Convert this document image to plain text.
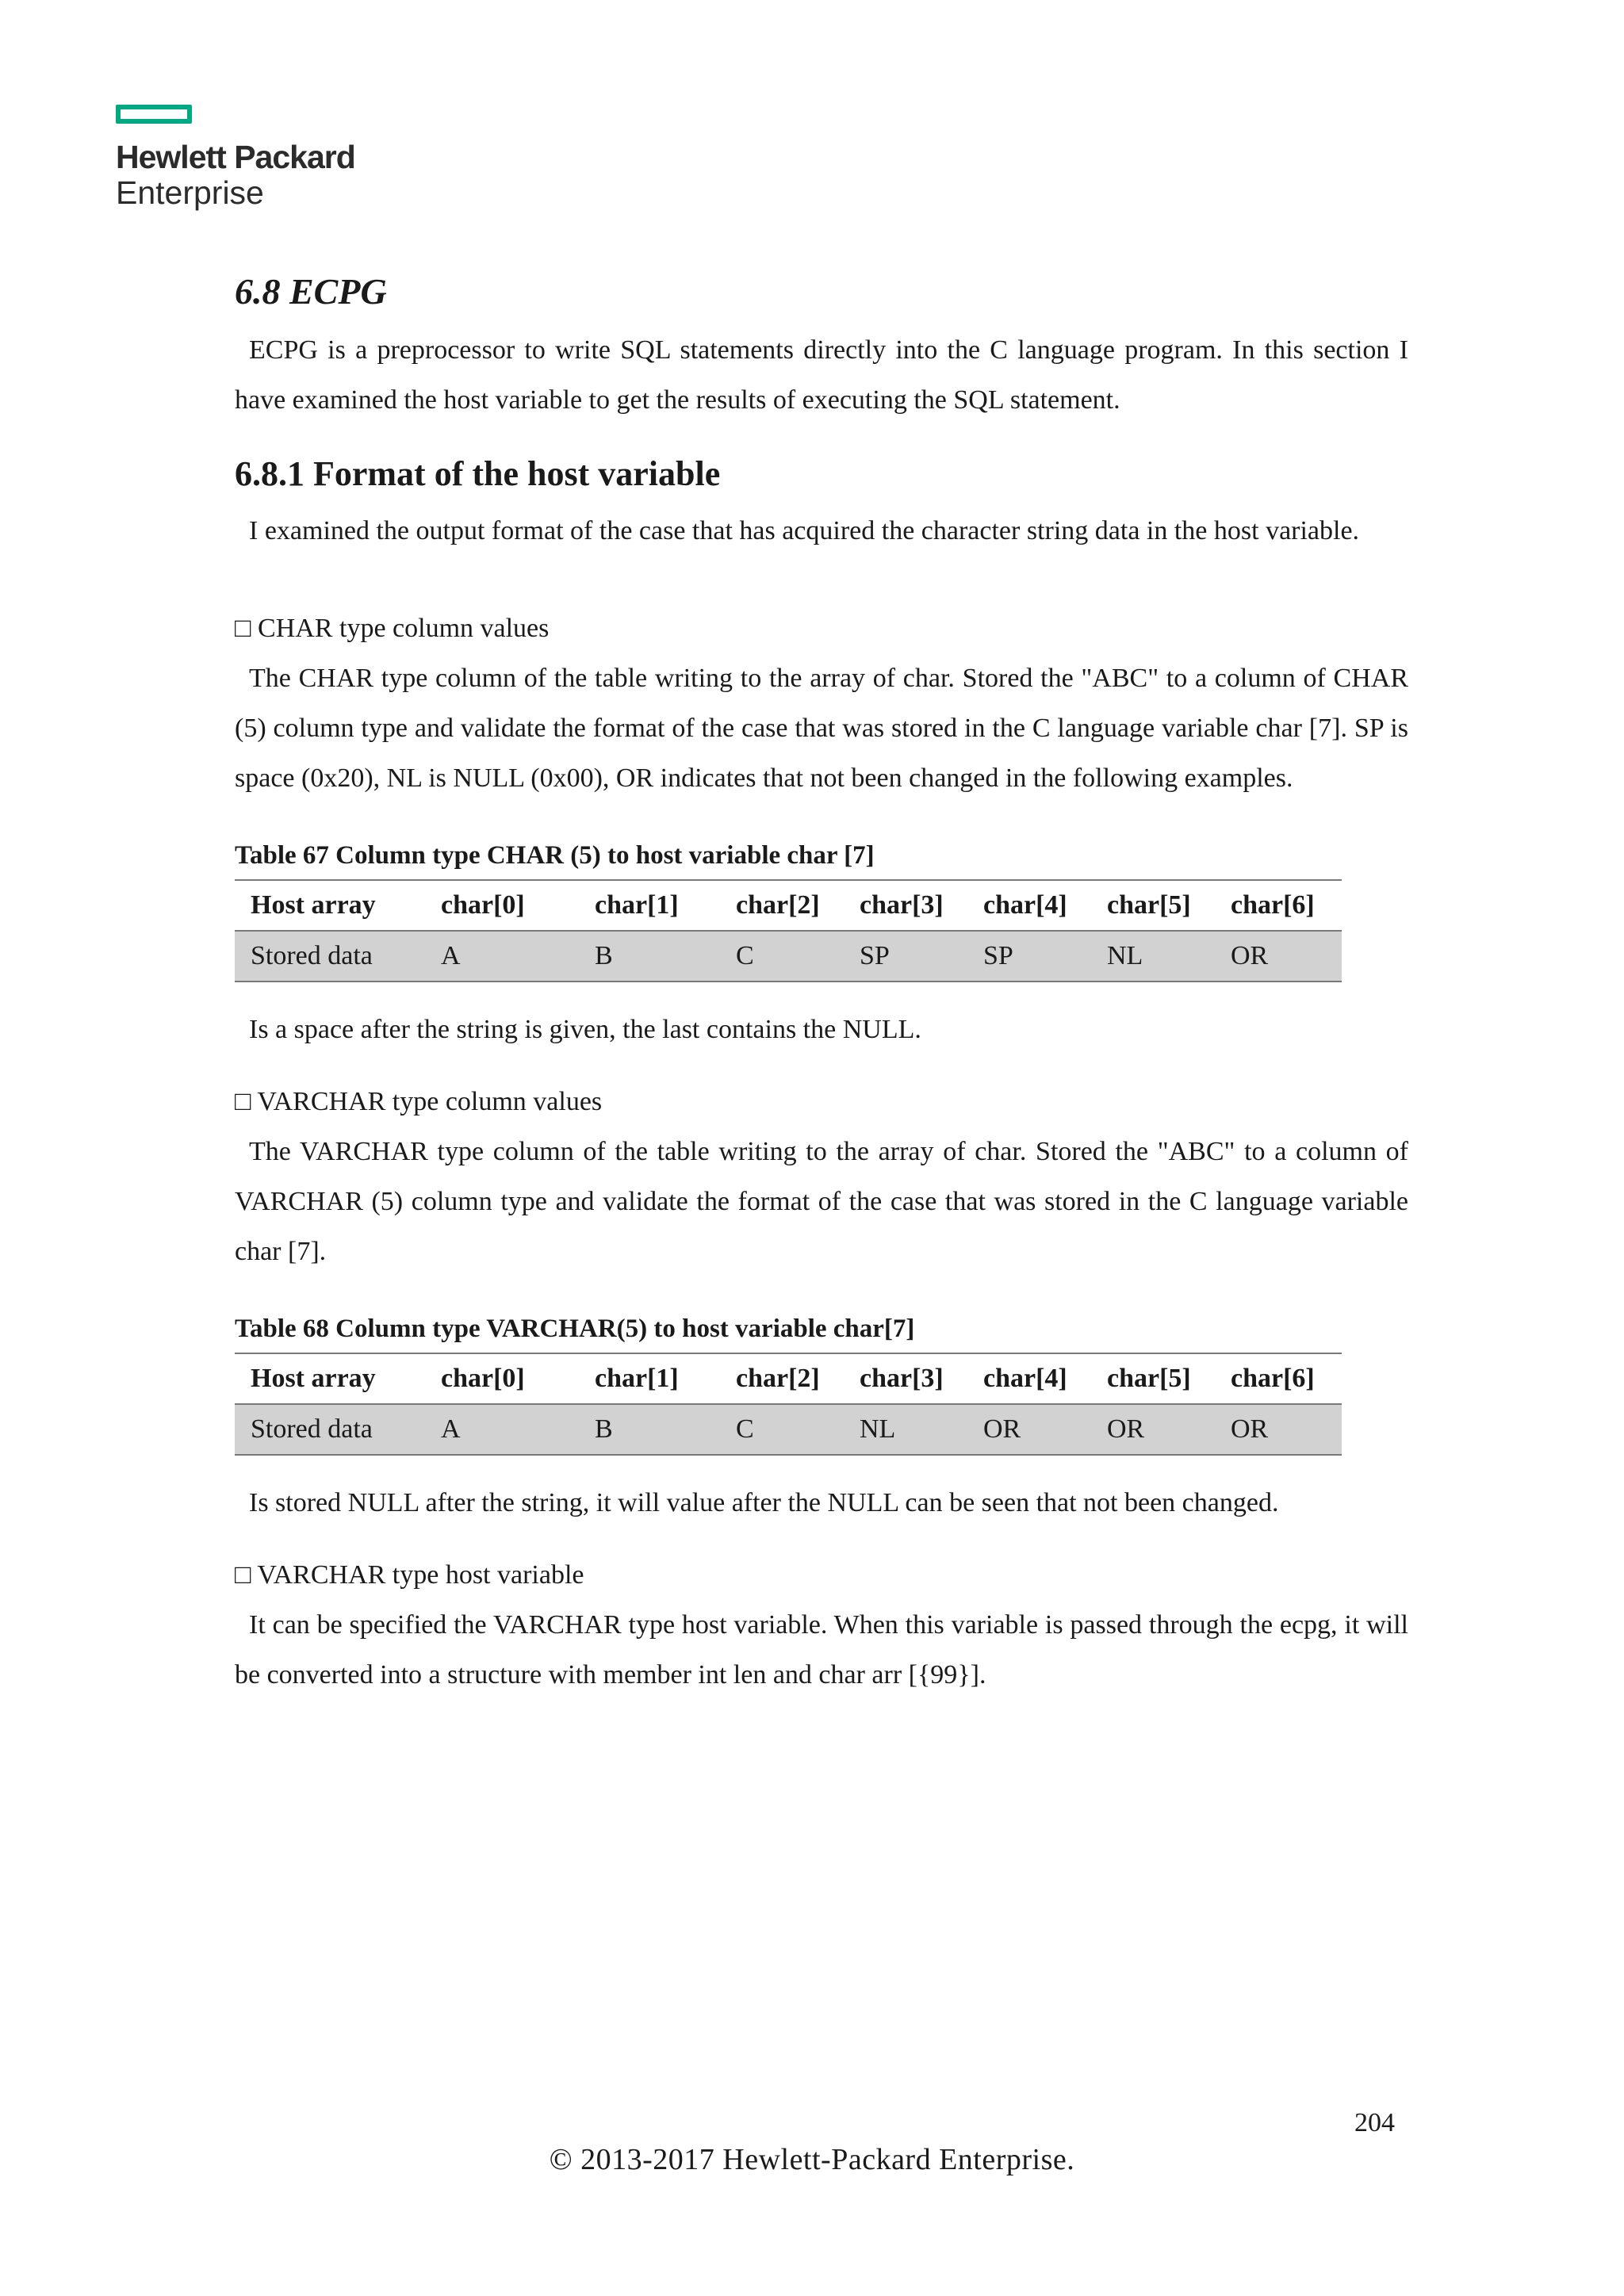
Hewlett Packard
Enterprise
6.8 ECPG

ECPG is a preprocessor to write SQL statements directly into the C language program. In this section I have examined the host variable to get the results of executing the SQL statement.

6.8.1 Format of the host variable

I examined the output format of the case that has acquired the character string data in the host variable.

□ CHAR type column values

The CHAR type column of the table writing to the array of char. Stored the "ABC" to a column of CHAR (5) column type and validate the format of the case that was stored in the C language variable char [7]. SP is space (0x20), NL is NULL (0x00), OR indicates that not been changed in the following examples.

Table 67 Column type CHAR (5) to host variable char [7]
Host array	char[0]	char[1]	char[2]	char[3]	char[4]	char[5]	char[6]
Stored data	A	B	C	SP	SP	NL	OR

Is a space after the string is given, the last contains the NULL.

□ VARCHAR type column values

The VARCHAR type column of the table writing to the array of char. Stored the "ABC" to a column of VARCHAR (5) column type and validate the format of the case that was stored in the C language variable char [7].

Table 68 Column type VARCHAR(5) to host variable char[7]
Host array	char[0]	char[1]	char[2]	char[3]	char[4]	char[5]	char[6]
Stored data	A	B	C	NL	OR	OR	OR

Is stored NULL after the string, it will value after the NULL can be seen that not been changed.

□ VARCHAR type host variable

It can be specified the VARCHAR type host variable. When this variable is passed through the ecpg, it will be converted into a structure with member int len and char arr [{99}].

204
© 2013-2017 Hewlett-Packard Enterprise.
